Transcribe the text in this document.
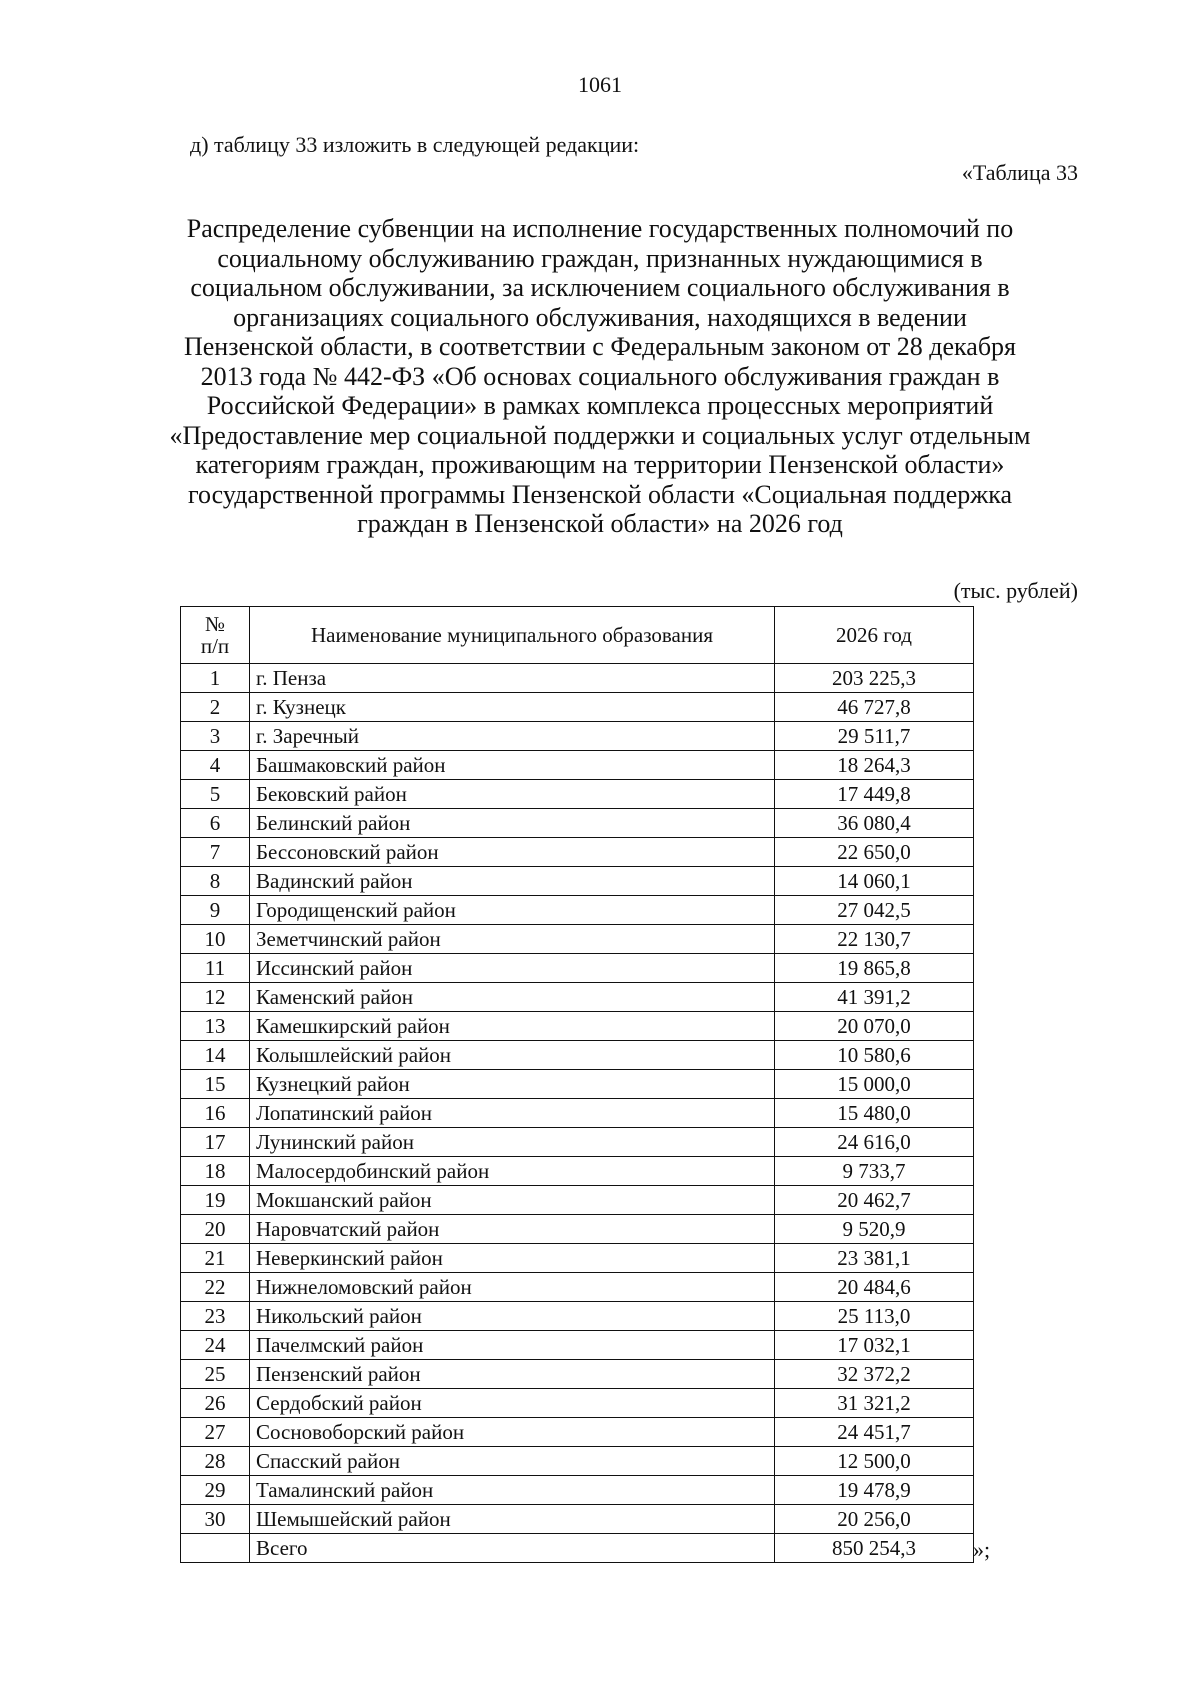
1061
д) таблицу 33 изложить в следующей редакции:
«Таблица 33
Распределение субвенции на исполнение государственных полномочий по
социальному обслуживанию граждан, признанных нуждающимися в
социальном обслуживании, за исключением социального обслуживания в
организациях социального обслуживания, находящихся в ведении
Пензенской области, в соответствии с Федеральным законом от 28 декабря
2013 года № 442-ФЗ «Об основах социального обслуживания граждан в
Российской Федерации» в рамках комплекса процессных мероприятий
«Предоставление мер социальной поддержки и социальных услуг отдельным
категориям граждан, проживающим на территории Пензенской области»
государственной программы Пензенской области «Социальная поддержка
граждан в Пензенской области» на 2026 год
(тыс. рублей)
№
п/п	Наименование муниципального образования	2026 год
1	г. Пенза	203 225,3
2	г. Кузнецк	46 727,8
3	г. Заречный	29 511,7
4	Башмаковский район	18 264,3
5	Бековский район	17 449,8
6	Белинский район	36 080,4
7	Бессоновский район	22 650,0
8	Вадинский район	14 060,1
9	Городищенский район	27 042,5
10	Земетчинский район	22 130,7
11	Иссинский район	19 865,8
12	Каменский район	41 391,2
13	Камешкирский район	20 070,0
14	Колышлейский район	10 580,6
15	Кузнецкий район	15 000,0
16	Лопатинский район	15 480,0
17	Лунинский район	24 616,0
18	Малосердобинский район	9 733,7
19	Мокшанский район	20 462,7
20	Наровчатский район	9 520,9
21	Неверкинский район	23 381,1
22	Нижнеломовский район	20 484,6
23	Никольский район	25 113,0
24	Пачелмский район	17 032,1
25	Пензенский район	32 372,2
26	Сердобский район	31 321,2
27	Сосновоборский район	24 451,7
28	Спасский район	12 500,0
29	Тамалинский район	19 478,9
30	Шемышейский район	20 256,0
	Всего	850 254,3	»;
